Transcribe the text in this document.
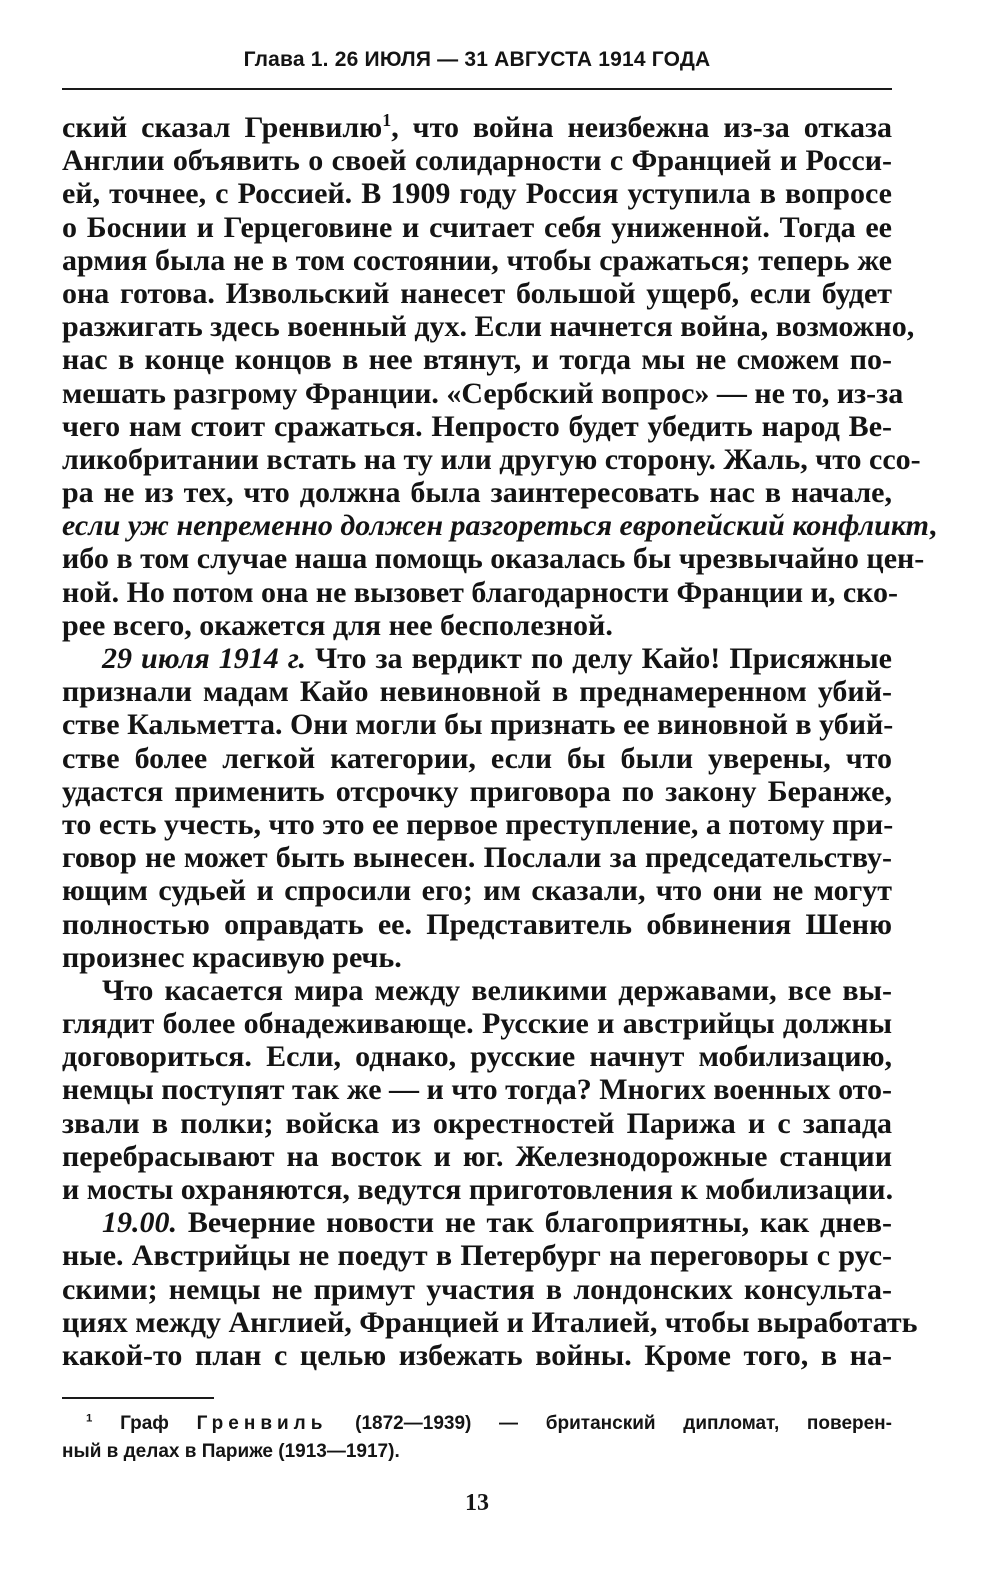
Глава 1. 26 ИЮЛЯ — 31 АВГУСТА 1914 ГОДА
ский сказал Гренвилю$^1$, что война неизбежна из-за отказа
Англии объявить о своей солидарности с Францией и Росси-
ей, точнее, с Россией. В 1909 году Россия уступила в вопросе
о Боснии и Герцеговине и считает себя униженной. Тогда ее
армия была не в том состоянии, чтобы сражаться; теперь же
она готова. Извольский нанесет большой ущерб, если будет
разжигать здесь военный дух. Если начнется война, возможно,
нас в конце концов в нее втянут, и тогда мы не сможем по-
мешать разгрому Франции. «Сербский вопрос» — не то, из-за
чего нам стоит сражаться. Непросто будет убедить народ Ве-
ликобритании встать на ту или другую сторону. Жаль, что ссо-
ра не из тех, что должна была заинтересовать нас в начале,
если уж непременно должен разгореться европейский конфликт,
ибо в том случае наша помощь оказалась бы чрезвычайно цен-
ной. Но потом она не вызовет благодарности Франции и, ско-
рее всего, окажется для нее бесполезной.
29 июля 1914 г. Что за вердикт по делу Кайо! Присяжные
признали мадам Кайо невиновной в преднамеренном убий-
стве Кальметта. Они могли бы признать ее виновной в убий-
стве более легкой категории, если бы были уверены, что
удастся применить отсрочку приговора по закону Беранже,
то есть учесть, что это ее первое преступление, а потому при-
говор не может быть вынесен. Послали за председательству-
ющим судьей и спросили его; им сказали, что они не могут
полностью оправдать ее. Представитель обвинения Шеню
произнес красивую речь.
Что касается мира между великими державами, все вы-
глядит более обнадеживающе. Русские и австрийцы должны
договориться. Если, однако, русские начнут мобилизацию,
немцы поступят так же — и что тогда? Многих военных ото-
звали в полки; войска из окрестностей Парижа и с запада
перебрасывают на восток и юг. Железнодорожные станции
и мосты охраняются, ведутся приготовления к мобилизации.
19.00. Вечерние новости не так благоприятны, как днев-
ные. Австрийцы не поедут в Петербург на переговоры с рус-
скими; немцы не примут участия в лондонских консульта-
циях между Англией, Францией и Италией, чтобы выработать
какой-то план с целью избежать войны. Кроме того, в на-
$^1$ Граф Гренвиль (1872—1939) — британский дипломат, поверен-
ный в делах в Париже (1913—1917).
13
